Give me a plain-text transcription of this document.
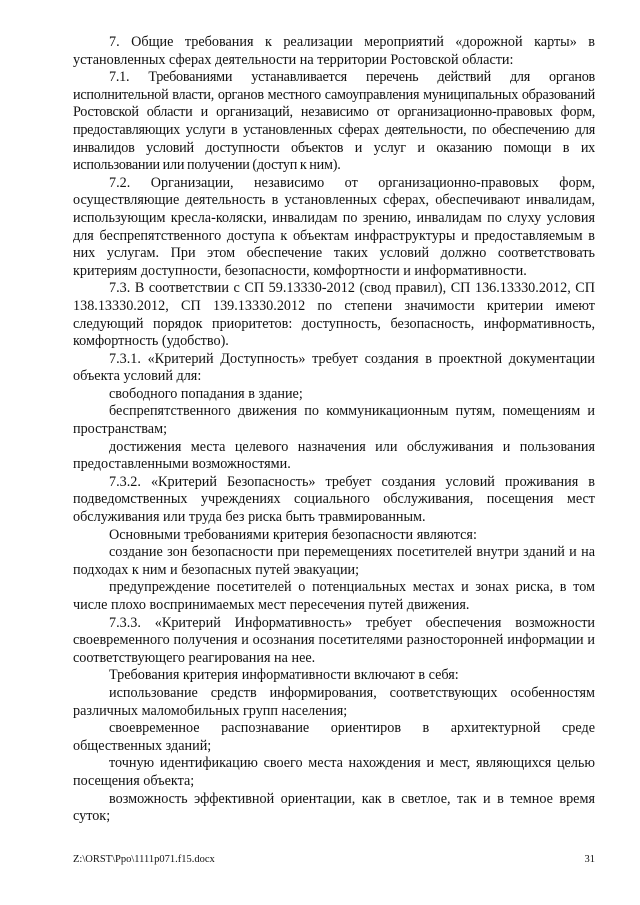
7. Общие требования к реализации мероприятий «дорожной карты» в установленных сферах деятельности на территории Ростовской области:

7.1. Требованиями устанавливается перечень действий для органов исполнительной власти, органов местного самоуправления муниципальных образований Ростовской области и организаций, независимо от организационно-правовых форм, предоставляющих услуги в установленных сферах деятельности, по обеспечению для инвалидов условий доступности объектов и услуг и оказанию помощи в их использовании или получении (доступ к ним).

7.2. Организации, независимо от организационно-правовых форм, осуществляющие деятельность в установленных сферах, обеспечивают инвалидам, использующим кресла-коляски, инвалидам по зрению, инвалидам по слуху условия для беспрепятственного доступа к объектам инфраструктуры и предоставляемым в них услугам. При этом обеспечение таких условий должно соответствовать критериям доступности, безопасности, комфортности и информативности.

7.3. В соответствии с СП 59.13330-2012 (свод правил), СП 136.13330.2012, СП 138.13330.2012, СП 139.13330.2012 по степени значимости критерии имеют следующий порядок приоритетов: доступность, безопасность, информативность, комфортность (удобство).

7.3.1. «Критерий Доступность» требует создания в проектной документации объекта условий для:

свободного попадания в здание;

беспрепятственного движения по коммуникационным путям, помещениям и пространствам;

достижения места целевого назначения или обслуживания и пользования предоставленными возможностями.

7.3.2. «Критерий Безопасность» требует создания условий проживания в подведомственных учреждениях социального обслуживания, посещения мест обслуживания или труда без риска быть травмированным.

Основными требованиями критерия безопасности являются:

создание зон безопасности при перемещениях посетителей внутри зданий и на подходах к ним и безопасных путей эвакуации;

предупреждение посетителей о потенциальных местах и зонах риска, в том числе плохо воспринимаемых мест пересечения путей движения.

7.3.3. «Критерий Информативность» требует обеспечения возможности своевременного получения и осознания посетителями разносторонней информации и соответствующего реагирования на нее.

Требования критерия информативности включают в себя:

использование средств информирования, соответствующих особенностям различных маломобильных групп населения;

своевременное распознавание ориентиров в архитектурной среде общественных зданий;

точную идентификацию своего места нахождения и мест, являющихся целью посещения объекта;

возможность эффективной ориентации, как в светлое, так и в темное время суток;

Z:\ORST\Ppo\1111p071.f15.docx	31
